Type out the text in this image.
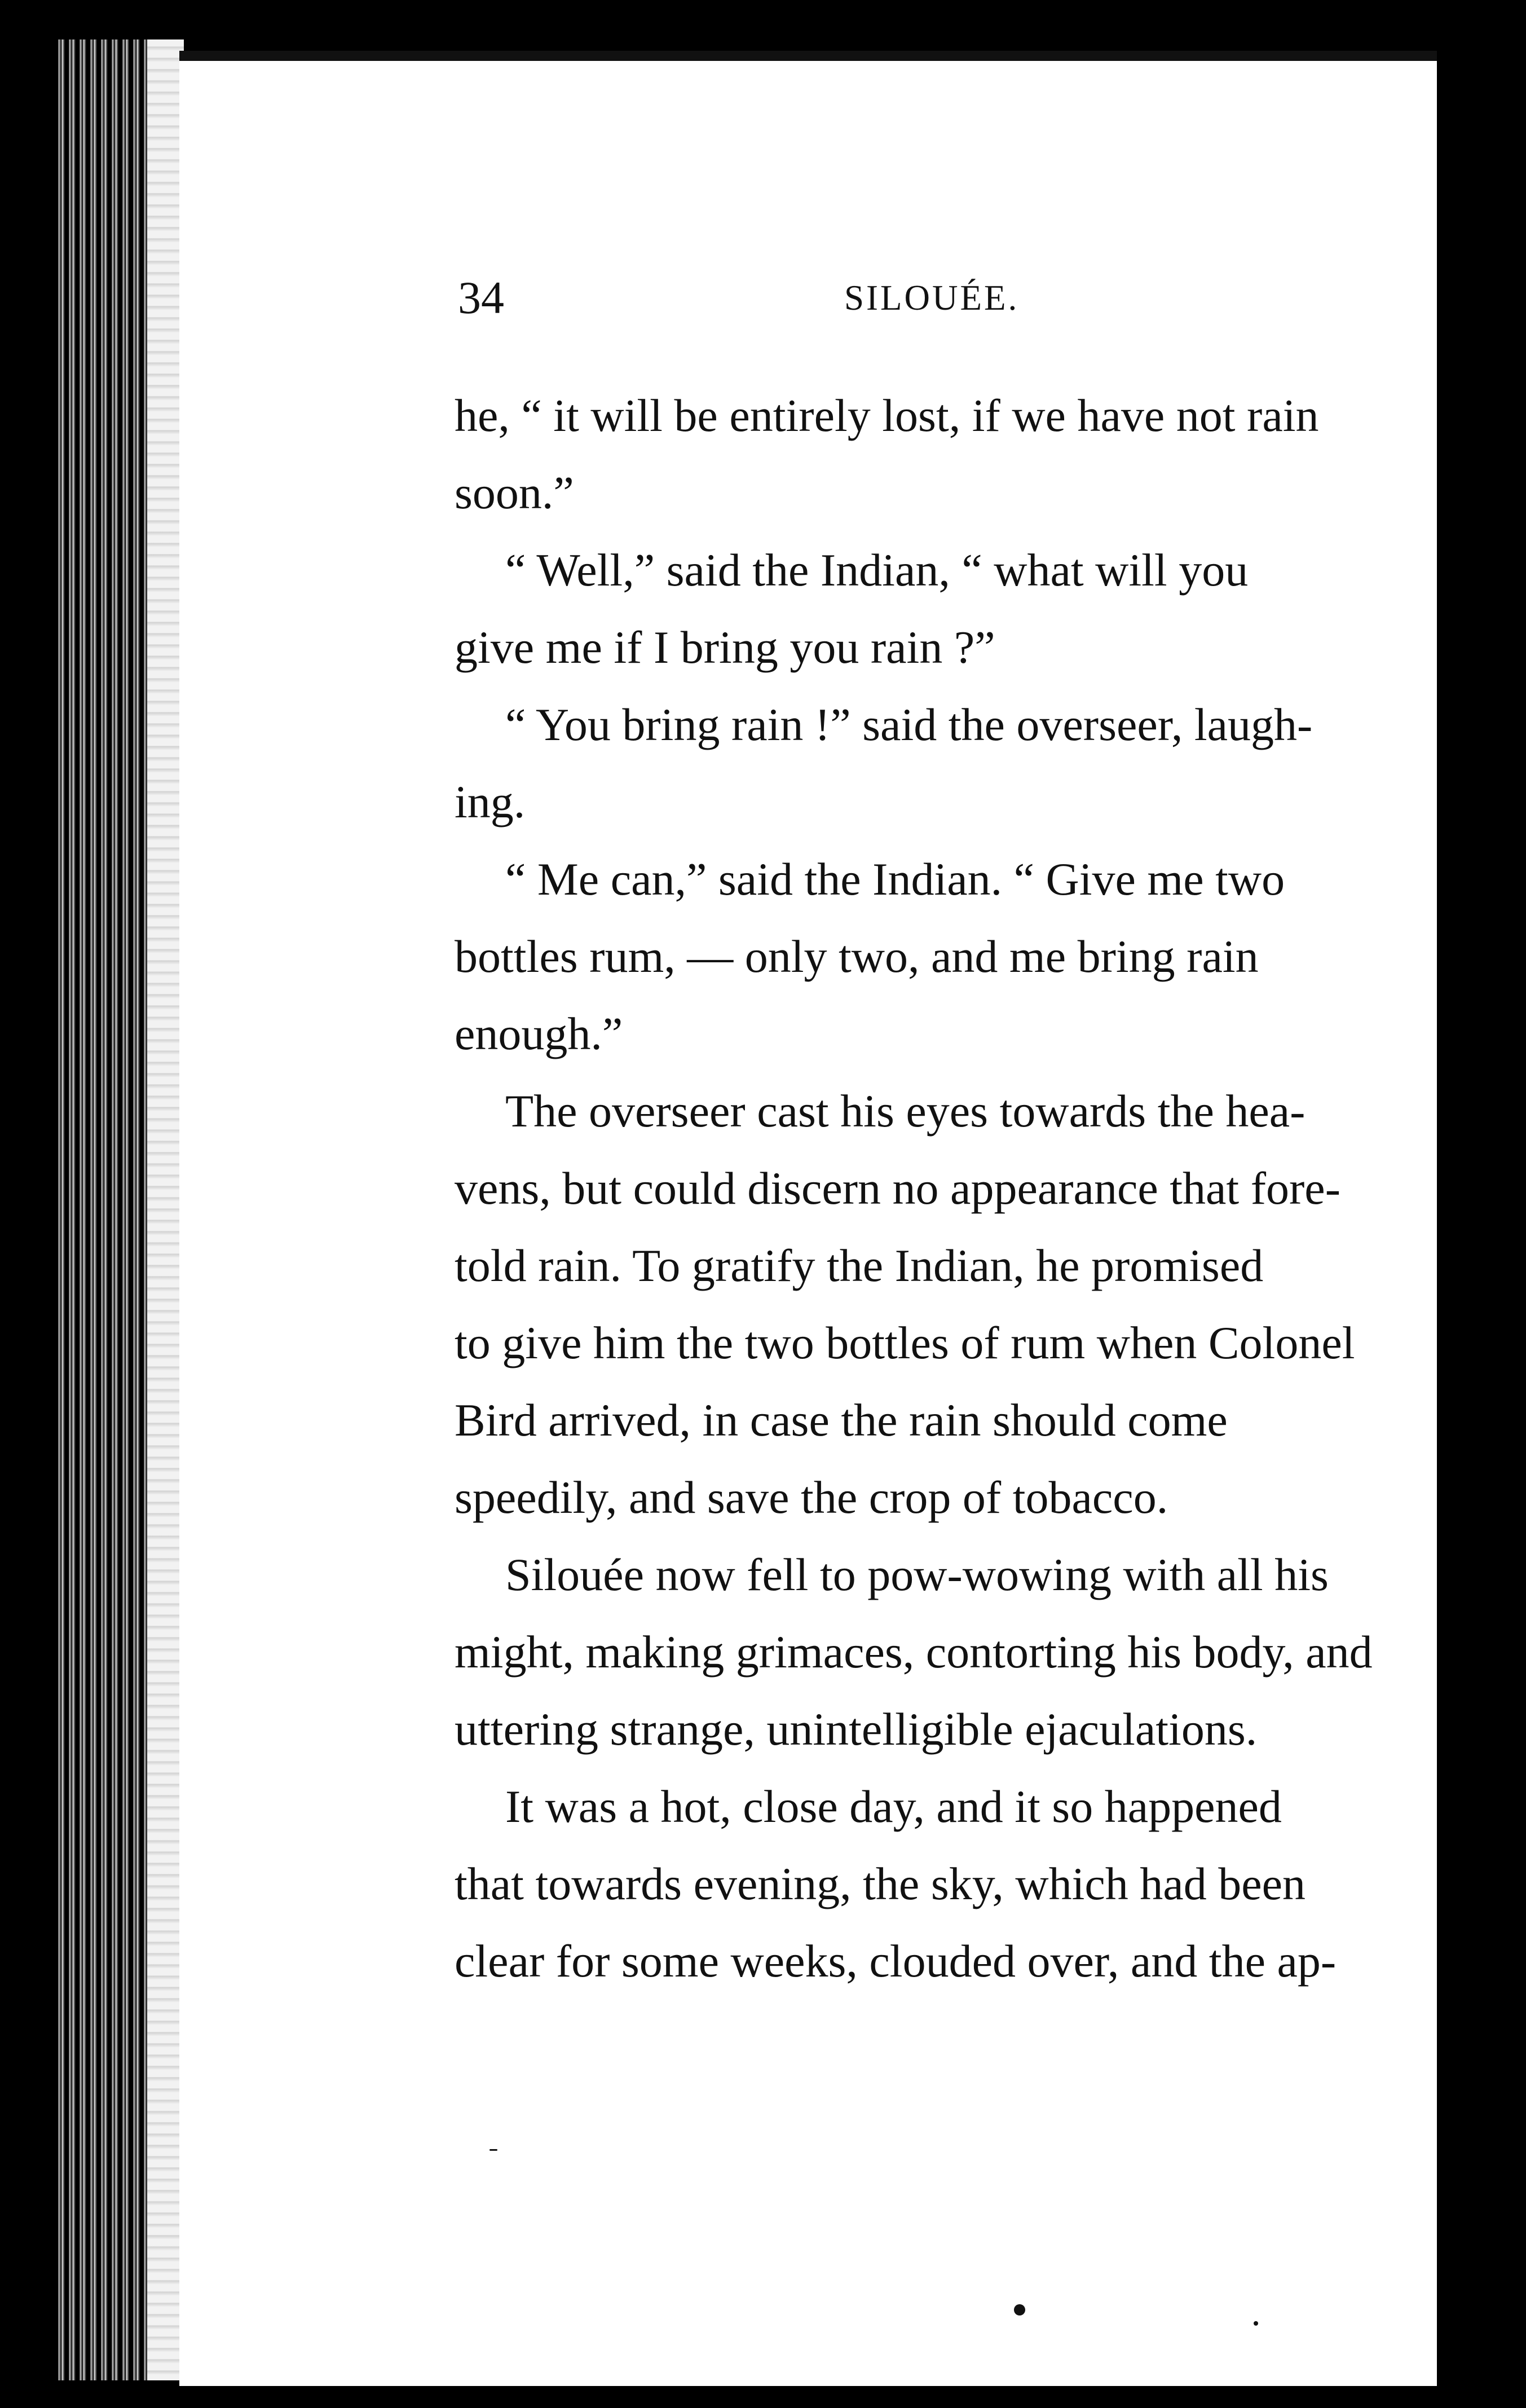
34	SILOUÉE.
he, “ it will be entirely lost, if we have not rain
soon.”
“ Well,” said the Indian, “ what will you
give me if I bring you rain ?”
“ You bring rain !” said the overseer, laugh-
ing.
“ Me can,” said the Indian. “ Give me two
bottles rum, — only two, and me bring rain
enough.”
The overseer cast his eyes towards the hea-
vens, but could discern no appearance that fore-
told rain. To gratify the Indian, he promised
to give him the two bottles of rum when Colonel
Bird arrived, in case the rain should come
speedily, and save the crop of tobacco.
Silouée now fell to pow-wowing with all his
might, making grimaces, contorting his body, and
uttering strange, unintelligible ejaculations.
It was a hot, close day, and it so happened
that towards evening, the sky, which had been
clear for some weeks, clouded over, and the ap-
